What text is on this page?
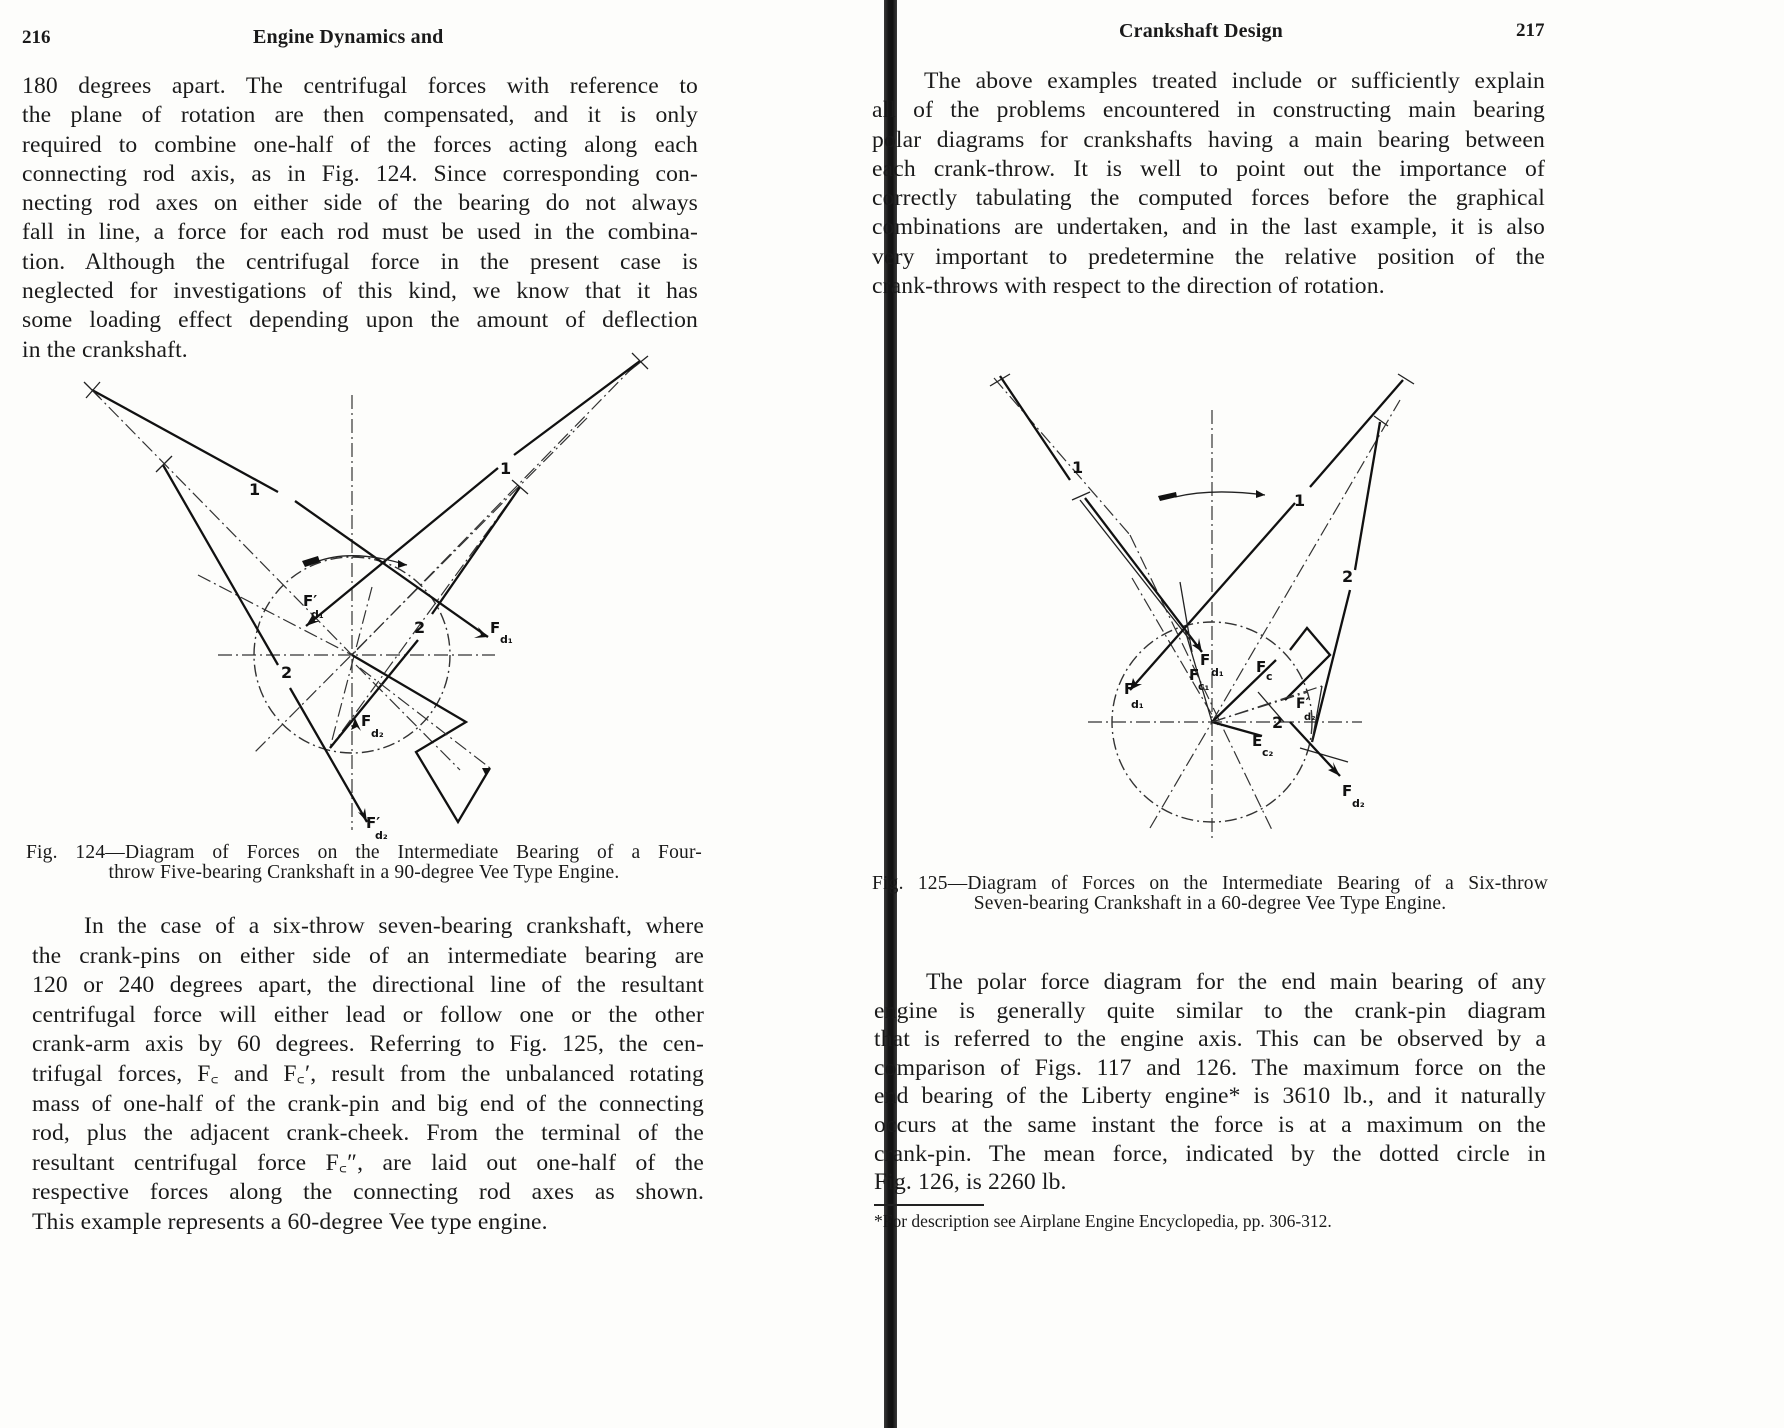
216	Engine Dynamics and
180 degrees apart. The centrifugal forces with reference to
the plane of rotation are then compensated, and it is only
required to combine one-half of the forces acting along each
connecting rod axis, as in Fig. 124. Since corresponding con-
necting rod axes on either side of the bearing do not always
fall in line, a force for each rod must be used in the combina-
tion. Although the centrifugal force in the present case is
neglected for investigations of this kind, we know that it has
some loading effect depending upon the amount of deflection
in the crankshaft.
1
1
2
2
F′
d₁
F
d₁
F
d₂
F′
d₂
Fig. 124—Diagram of Forces on the Intermediate Bearing of a Four-
throw Five-bearing Crankshaft in a 90-degree Vee Type Engine.
In the case of a six-throw seven-bearing crankshaft, where
the crank-pins on either side of an intermediate bearing are
120 or 240 degrees apart, the directional line of the resultant
centrifugal force will either lead or follow one or the other
crank-arm axis by 60 degrees. Referring to Fig. 125, the cen-
trifugal forces, F꜀ and F꜀′, result from the unbalanced rotating
mass of one-half of the crank-pin and big end of the connecting
rod, plus the adjacent crank-cheek. From the terminal of the
resultant centrifugal force F꜀″, are laid out one-half of the
respective forces along the connecting rod axes as shown.
This example represents a 60-degree Vee type engine.
Crankshaft Design	217
The above examples treated include or sufficiently explain
all of the problems encountered in constructing main bearing
polar diagrams for crankshafts having a main bearing between
each crank-throw. It is well to point out the importance of
correctly tabulating the computed forces before the graphical
combinations are undertaken, and in the last example, it is also
very important to predetermine the relative position of the
crank-throws with respect to the direction of rotation.
1
1
2
2
F
d₁
F
d₁
F
c₁
F
c
F′
d₂
E
c₂
F
d₂
Fig. 125—Diagram of Forces on the Intermediate Bearing of a Six-throw
Seven-bearing Crankshaft in a 60-degree Vee Type Engine.
The polar force diagram for the end main bearing of any
engine is generally quite similar to the crank-pin diagram
that is referred to the engine axis. This can be observed by a
comparison of Figs. 117 and 126. The maximum force on the
end bearing of the Liberty engine* is 3610 lb., and it naturally
occurs at the same instant the force is at a maximum on the
crank-pin. The mean force, indicated by the dotted circle in
Fig. 126, is 2260 lb.
*For description see Airplane Engine Encyclopedia, pp. 306-312.
